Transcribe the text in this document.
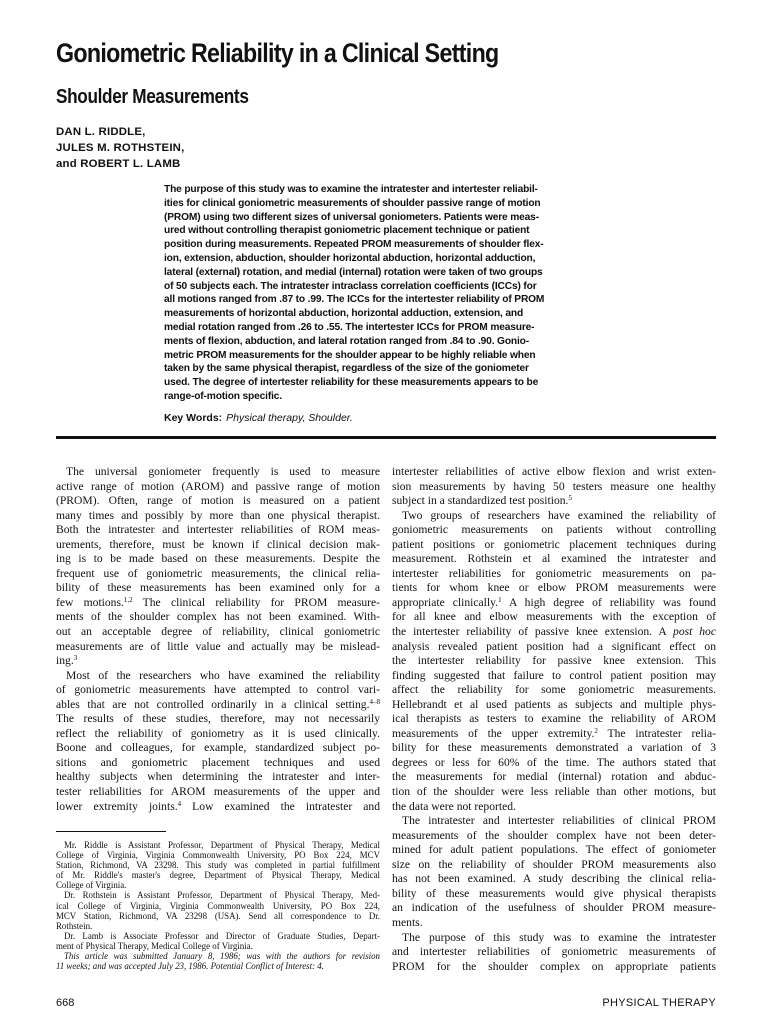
Goniometric Reliability in a Clinical Setting
Shoulder Measurements
DAN L. RIDDLE,
JULES M. ROTHSTEIN,
and ROBERT L. LAMB
The purpose of this study was to examine the intratester and intertester reliabil-
ities for clinical goniometric measurements of shoulder passive range of motion
(PROM) using two different sizes of universal goniometers. Patients were meas-
ured without controlling therapist goniometric placement technique or patient
position during measurements. Repeated PROM measurements of shoulder flex-
ion, extension, abduction, shoulder horizontal abduction, horizontal adduction,
lateral (external) rotation, and medial (internal) rotation were taken of two groups
of 50 subjects each. The intratester intraclass correlation coefficients (ICCs) for
all motions ranged from .87 to .99. The ICCs for the intertester reliability of PROM
measurements of horizontal abduction, horizontal adduction, extension, and
medial rotation ranged from .26 to .55. The intertester ICCs for PROM measure-
ments of flexion, abduction, and lateral rotation ranged from .84 to .90. Gonio-
metric PROM measurements for the shoulder appear to be highly reliable when
taken by the same physical therapist, regardless of the size of the goniometer
used. The degree of intertester reliability for these measurements appears to be
range-of-motion specific.
Key Words: Physical therapy, Shoulder.
The universal goniometer frequently is used to measure
active range of motion (AROM) and passive range of motion
(PROM). Often, range of motion is measured on a patient
many times and possibly by more than one physical therapist.
Both the intratester and intertester reliabilities of ROM meas-
urements, therefore, must be known if clinical decision mak-
ing is to be made based on these measurements. Despite the
frequent use of goniometric measurements, the clinical relia-
bility of these measurements has been examined only for a
few motions.$^{1,2}$ The clinical reliability for PROM measure-
ments of the shoulder complex has not been examined. With-
out an acceptable degree of reliability, clinical goniometric
measurements are of little value and actually may be mislead-
ing.$^3$
Most of the researchers who have examined the reliability
of goniometric measurements have attempted to control vari-
ables that are not controlled ordinarily in a clinical setting.$^{4-8}$
The results of these studies, therefore, may not necessarily
reflect the reliability of goniometry as it is used clinically.
Boone and colleagues, for example, standardized subject po-
sitions and goniometric placement techniques and used
healthy subjects when determining the intratester and inter-
tester reliabilities for AROM measurements of the upper and
lower extremity joints.$^4$ Low examined the intratester and
intertester reliabilities of active elbow flexion and wrist exten-
sion measurements by having 50 testers measure one healthy
subject in a standardized test position.$^5$
Two groups of researchers have examined the reliability of
goniometric measurements on patients without controlling
patient positions or goniometric placement techniques during
measurement. Rothstein et al examined the intratester and
intertester reliabilities for goniometric measurements on pa-
tients for whom knee or elbow PROM measurements were
appropriate clinically.$^1$ A high degree of reliability was found
for all knee and elbow measurements with the exception of
the intertester reliability of passive knee extension. A post hoc
analysis revealed patient position had a significant effect on
the intertester reliability for passive knee extension. This
finding suggested that failure to control patient position may
affect the reliability for some goniometric measurements.
Hellebrandt et al used patients as subjects and multiple phys-
ical therapists as testers to examine the reliability of AROM
measurements of the upper extremity.$^2$ The intratester relia-
bility for these measurements demonstrated a variation of 3
degrees or less for 60% of the time. The authors stated that
the measurements for medial (internal) rotation and abduc-
tion of the shoulder were less reliable than other motions, but
the data were not reported.
The intratester and intertester reliabilities of clinical PROM
measurements of the shoulder complex have not been deter-
mined for adult patient populations. The effect of goniometer
size on the reliability of shoulder PROM measurements also
has not been examined. A study describing the clinical relia-
bility of these measurements would give physical therapists
an indication of the usefulness of shoulder PROM measure-
ments.
The purpose of this study was to examine the intratester
and intertester reliabilities of goniometric measurements of
PROM for the shoulder complex on appropriate patients
Mr. Riddle is Assistant Professor, Department of Physical Therapy, Medical
College of Virginia, Virginia Commonwealth University, PO Box 224, MCV
Station, Richmond, VA 23298. This study was completed in partial fulfillment
of Mr. Riddle's master's degree, Department of Physical Therapy, Medical
College of Virginia.
Dr. Rothstein is Assistant Professor, Department of Physical Therapy, Med-
ical College of Virginia, Virginia Commonwealth University, PO Box 224,
MCV Station, Richmond, VA 23298 (USA). Send all correspondence to Dr.
Rothstein.
Dr. Lamb is Associate Professor and Director of Graduate Studies, Depart-
ment of Physical Therapy, Medical College of Virginia.
This article was submitted January 8, 1986; was with the authors for revision
11 weeks; and was accepted July 23, 1986. Potential Conflict of Interest: 4.
668	PHYSICAL THERAPY
